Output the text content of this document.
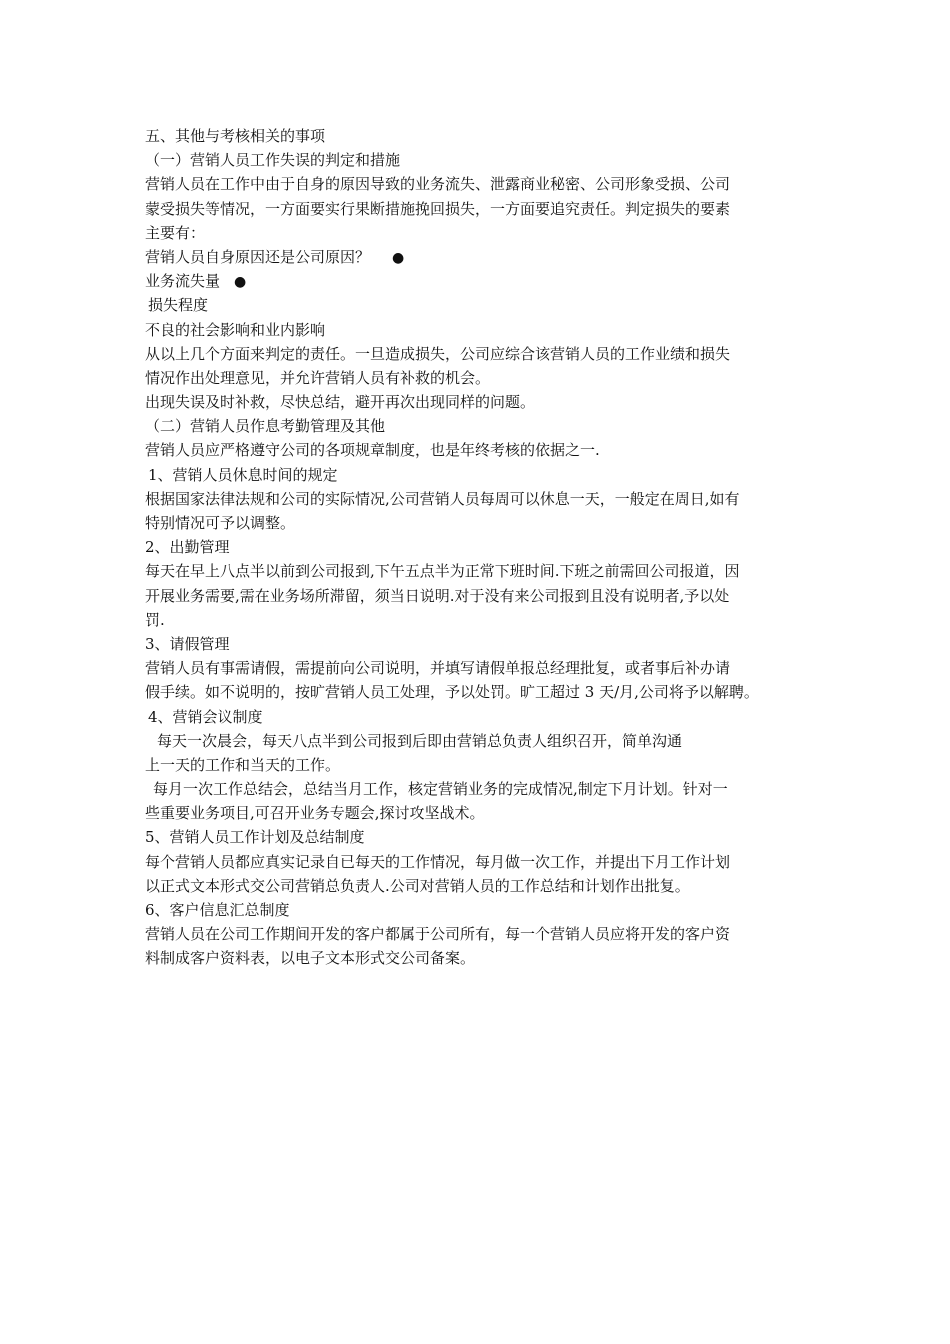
五、其他与考核相关的事项
（一）营销人员工作失误的判定和措施
营销人员在工作中由于自身的原因导致的业务流失、泄露商业秘密、公司形象受损、公司
蒙受损失等情况，一方面要实行果断措施挽回损失，一方面要追究责任。判定损失的要素
主要有：
营销人员自身原因还是公司原因？ ●
业务流失量 ●
损失程度
不良的社会影响和业内影响
从以上几个方面来判定的责任。一旦造成损失，公司应综合该营销人员的工作业绩和损失
情况作出处理意见，并允许营销人员有补救的机会。
出现失误及时补救，尽快总结，避开再次出现同样的问题。
（二）营销人员作息考勤管理及其他
营销人员应严格遵守公司的各项规章制度，也是年终考核的依据之一.
1、营销人员休息时间的规定
根据国家法律法规和公司的实际情况,公司营销人员每周可以休息一天，一般定在周日,如有
特别情况可予以调整。
2、出勤管理
每天在早上八点半以前到公司报到,下午五点半为正常下班时间.下班之前需回公司报道，因
开展业务需要,需在业务场所滞留，须当日说明.对于没有来公司报到且没有说明者,予以处
罚.
3、请假管理
营销人员有事需请假，需提前向公司说明，并填写请假单报总经理批复，或者事后补办请
假手续。如不说明的，按旷营销人员工处理，予以处罚。旷工超过 3 天/月,公司将予以解聘。
4、营销会议制度
每天一次晨会，每天八点半到公司报到后即由营销总负责人组织召开，简单沟通
上一天的工作和当天的工作。
每月一次工作总结会，总结当月工作，核定营销业务的完成情况,制定下月计划。针对一
些重要业务项目,可召开业务专题会,探讨攻坚战术。
5、营销人员工作计划及总结制度
每个营销人员都应真实记录自已每天的工作情况，每月做一次工作，并提出下月工作计划
以正式文本形式交公司营销总负责人.公司对营销人员的工作总结和计划作出批复。
6、客户信息汇总制度
营销人员在公司工作期间开发的客户都属于公司所有，每一个营销人员应将开发的客户资
料制成客户资料表，以电子文本形式交公司备案。
